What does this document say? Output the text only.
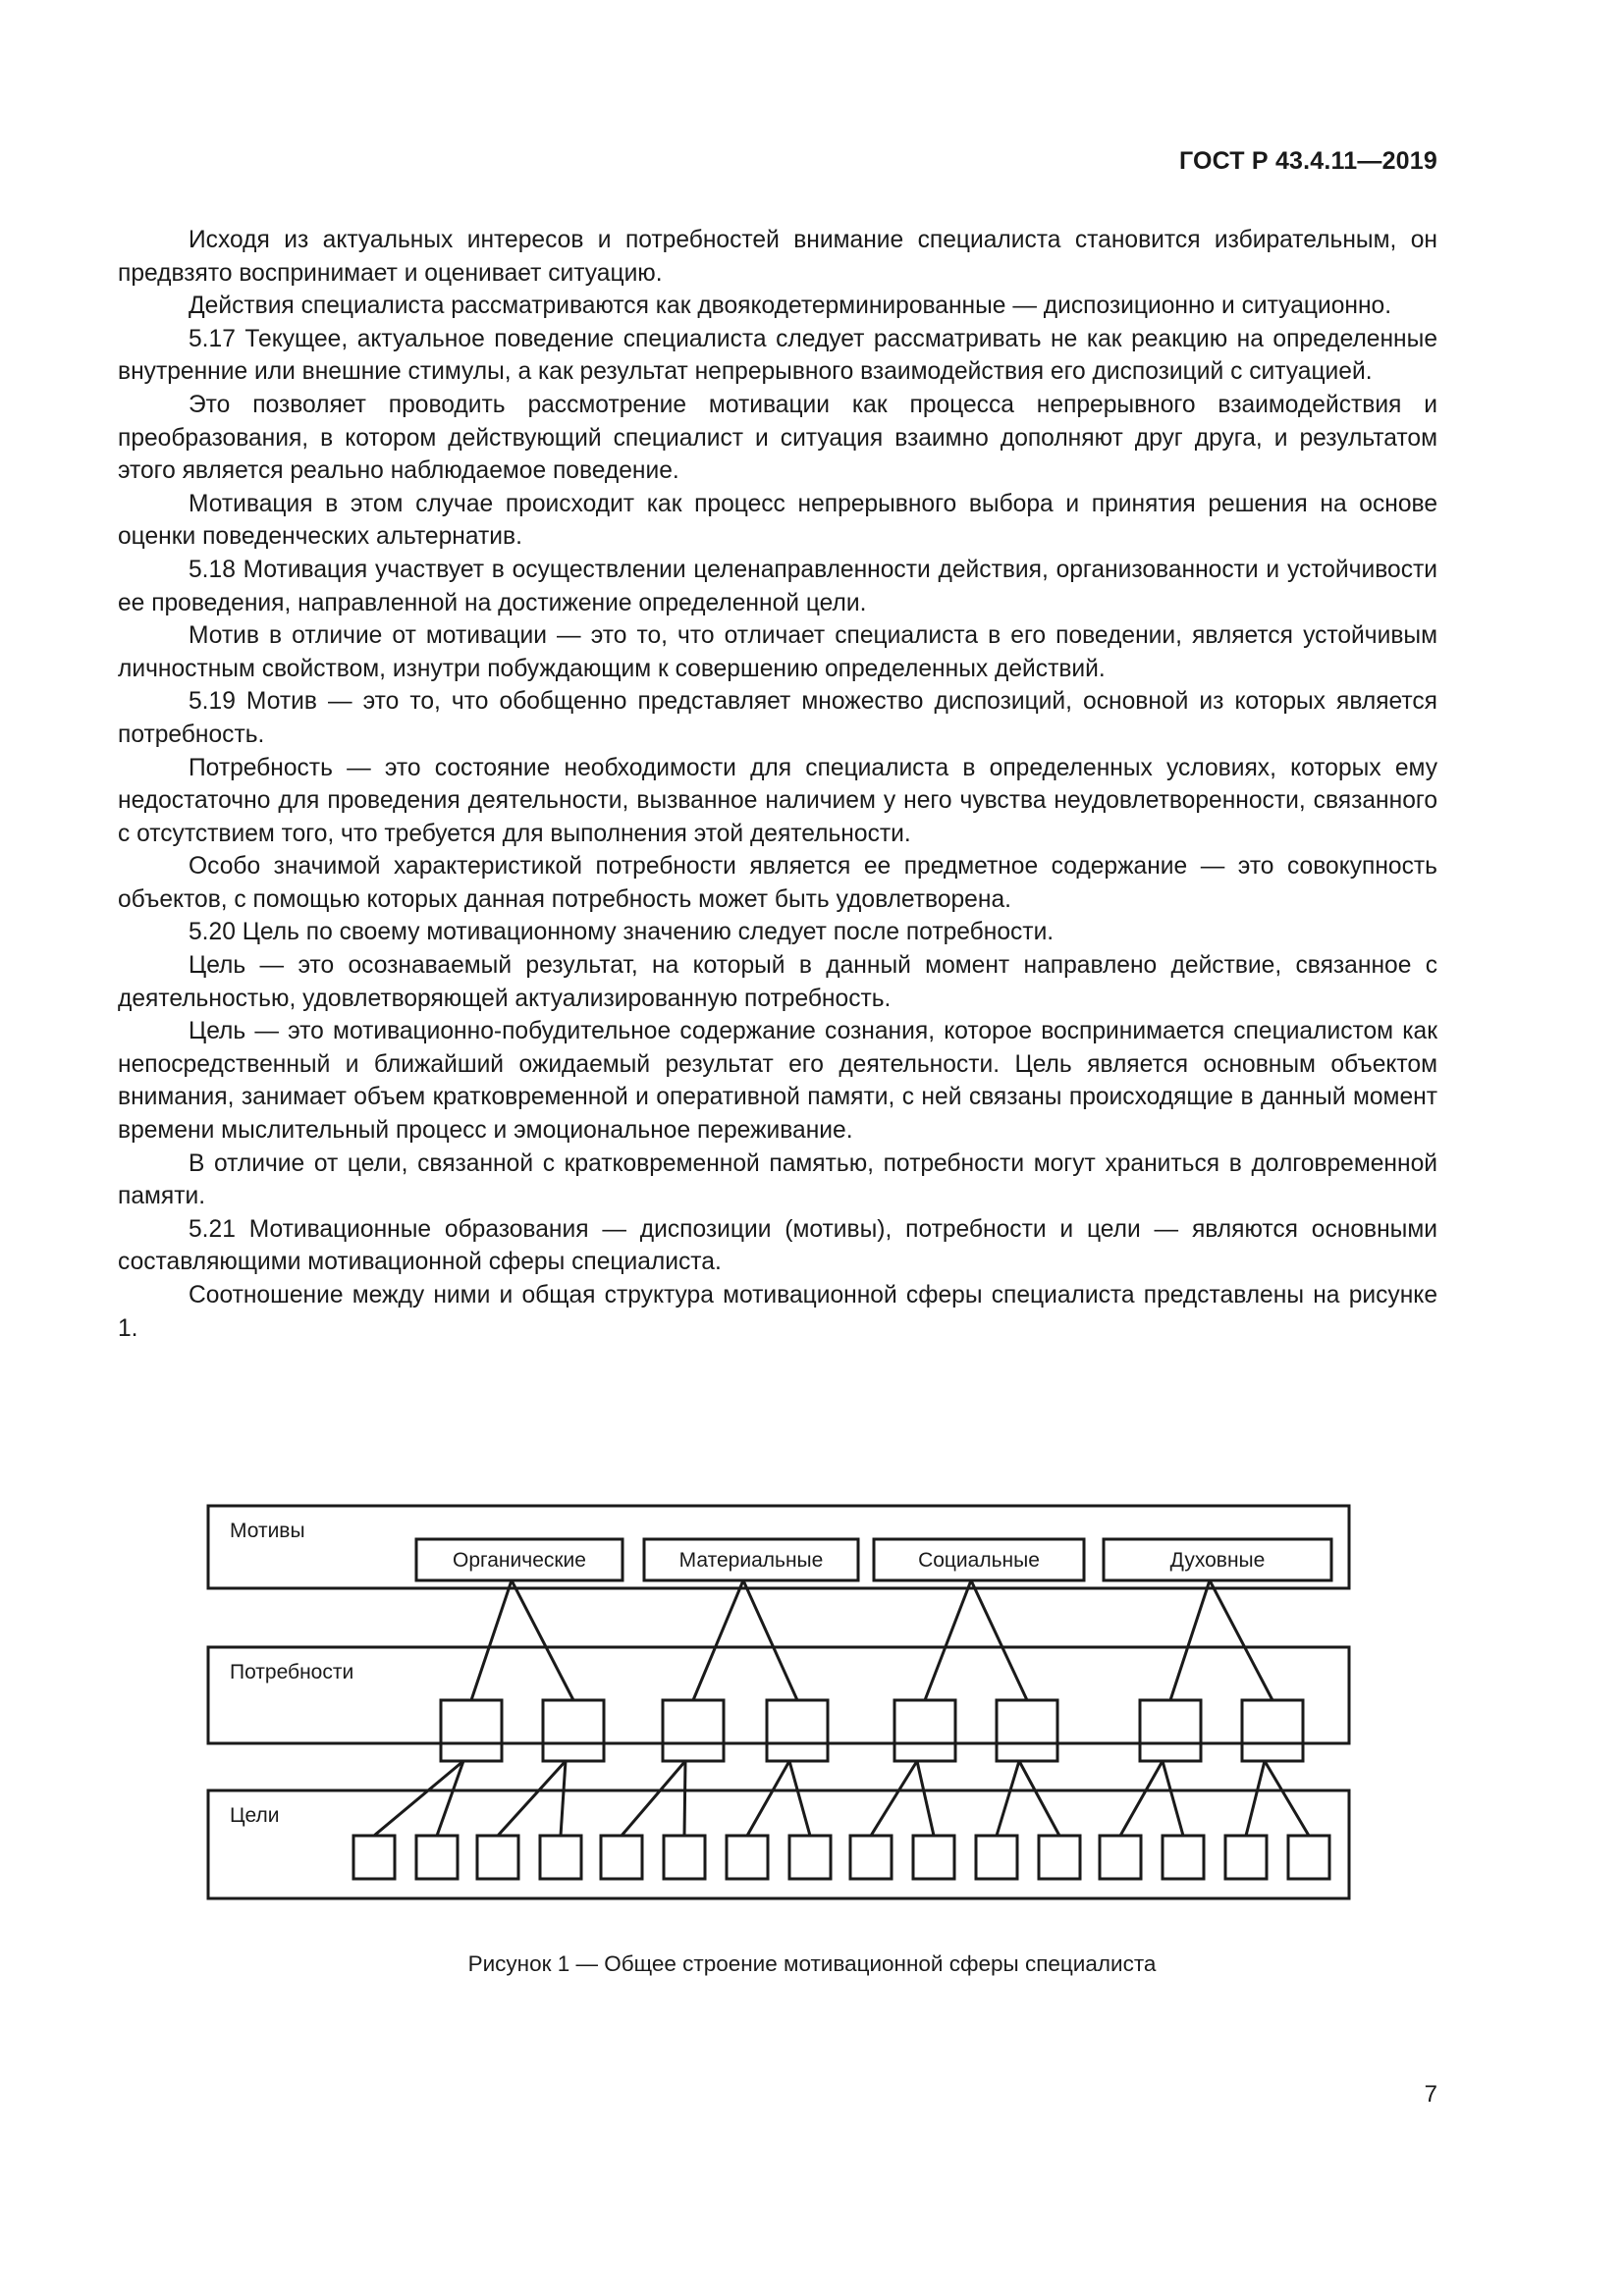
ГОСТ Р 43.4.11—2019

Исходя из актуальных интересов и потребностей внимание специалиста становится избирательным, он предвзято воспринимает и оценивает ситуацию.

Действия специалиста рассматриваются как двоякодетерминированные — диспозиционно и ситуационно.

5.17 Текущее, актуальное поведение специалиста следует рассматривать не как реакцию на определенные внутренние или внешние стимулы, а как результат непрерывного взаимодействия его диспозиций с ситуацией.

Это позволяет проводить рассмотрение мотивации как процесса непрерывного взаимодействия и преобразования, в котором действующий специалист и ситуация взаимно дополняют друг друга, и результатом этого является реально наблюдаемое поведение.

Мотивация в этом случае происходит как процесс непрерывного выбора и принятия решения на основе оценки поведенческих альтернатив.

5.18 Мотивация участвует в осуществлении целенаправленности действия, организованности и устойчивости ее проведения, направленной на достижение определенной цели.

Мотив в отличие от мотивации — это то, что отличает специалиста в его поведении, является устойчивым личностным свойством, изнутри побуждающим к совершению определенных действий.

5.19 Мотив — это то, что обобщенно представляет множество диспозиций, основной из которых является потребность.

Потребность — это состояние необходимости для специалиста в определенных условиях, которых ему недостаточно для проведения деятельности, вызванное наличием у него чувства неудовлетворенности, связанного с отсутствием того, что требуется для выполнения этой деятельности.

Особо значимой характеристикой потребности является ее предметное содержание — это совокупность объектов, с помощью которых данная потребность может быть удовлетворена.

5.20 Цель по своему мотивационному значению следует после потребности.

Цель — это осознаваемый результат, на который в данный момент направлено действие, связанное с деятельностью, удовлетворяющей актуализированную потребность.

Цель — это мотивационно-побудительное содержание сознания, которое воспринимается специалистом как непосредственный и ближайший ожидаемый результат его деятельности. Цель является основным объектом внимания, занимает объем кратковременной и оперативной памяти, с ней связаны происходящие в данный момент времени мыслительный процесс и эмоциональное переживание.

В отличие от цели, связанной с кратковременной памятью, потребности могут храниться в долговременной памяти.

5.21 Мотивационные образования — диспозиции (мотивы), потребности и цели — являются основными составляющими мотивационной сферы специалиста.

Соотношение между ними и общая структура мотивационной сферы специалиста представлены на рисунке 1.

Мотивы
Потребности
Цели
Органические	Материальные	Социальные	Духовные
Рисунок 1 — Общее строение мотивационной сферы специалиста
7
